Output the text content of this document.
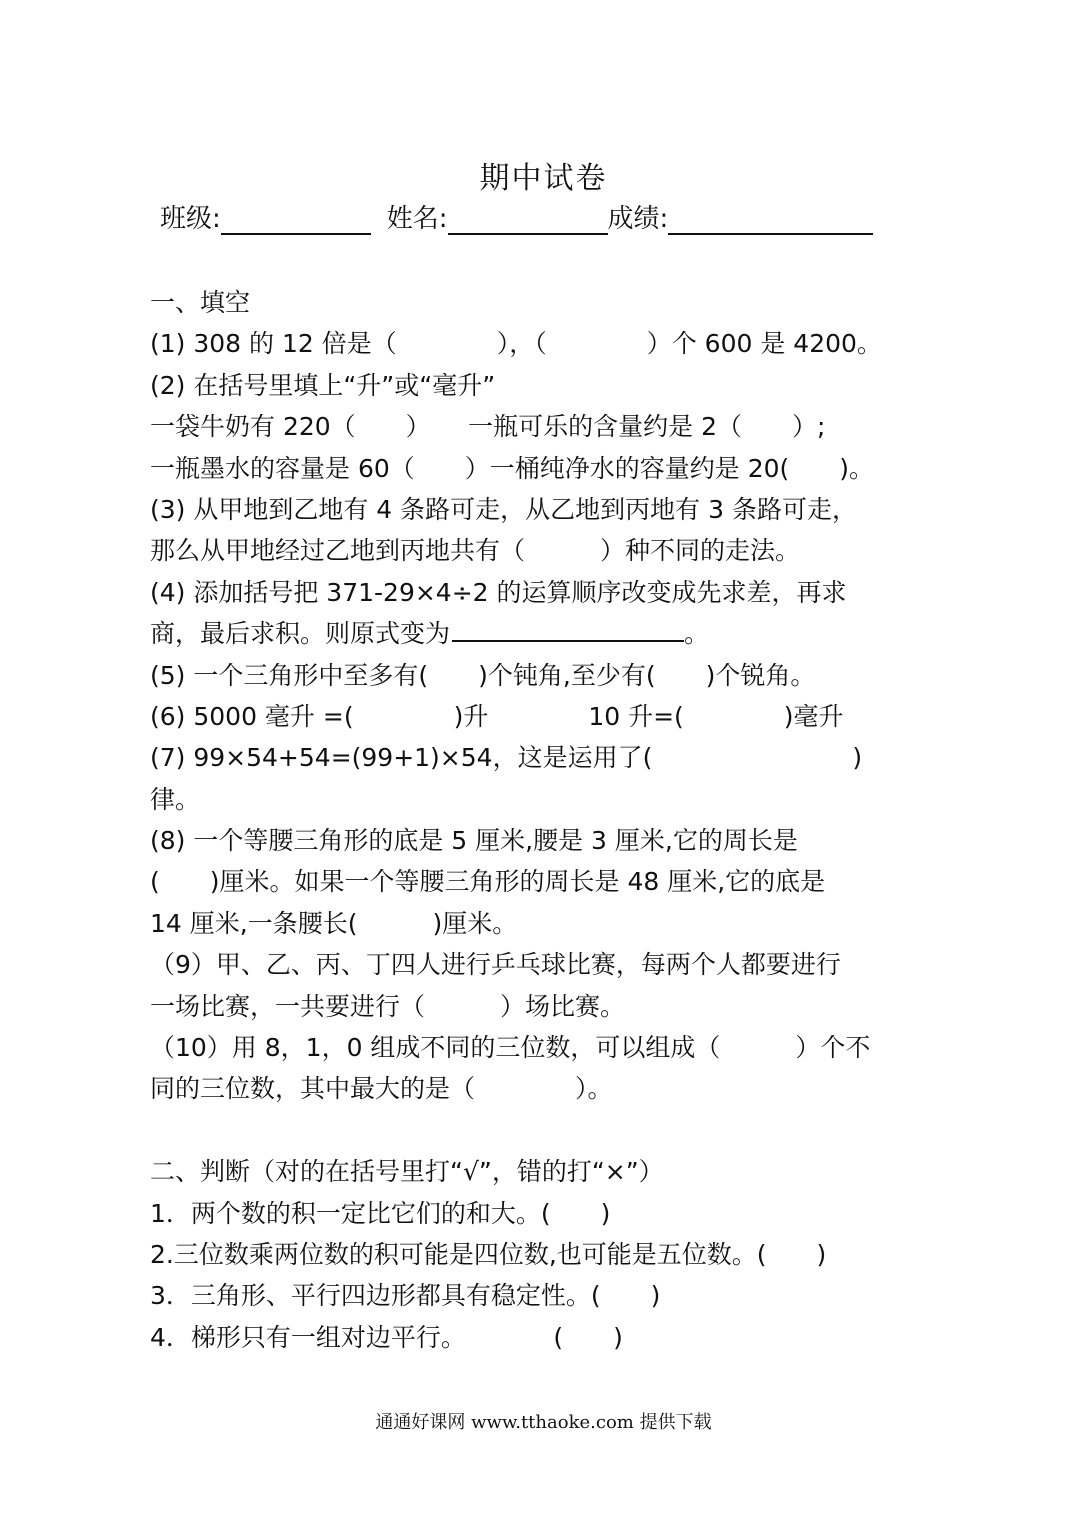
期中试卷
班级:	姓名:	成绩:
一、填空
(1) 308 的 12 倍是（　　　　），（　　　　）个 600 是 4200。
(2) 在括号里填上“升”或“毫升”
一袋牛奶有 220（　　）　　一瓶可乐的含量约是 2（　　）;
一瓶墨水的容量是 60（　　）一桶纯净水的容量约是 20(　　)。
(3) 从甲地到乙地有 4 条路可走，从乙地到丙地有 3 条路可走，
那么从甲地经过乙地到丙地共有（　　　）种不同的走法。
(4) 添加括号把 371-29×4÷2 的运算顺序改变成先求差，再求
商，最后求积。则原式变为	。
(5) 一个三角形中至多有(　　)个钝角,至少有(　　)个锐角。
(6) 5000 毫升 =(　　　　)升　　　　10 升=(　　　　)毫升
(7) 99×54+54=(99+1)×54，这是运用了(　　　　　　　　)
律。
(8) 一个等腰三角形的底是 5 厘米,腰是 3 厘米,它的周长是
(　　)厘米。如果一个等腰三角形的周长是 48 厘米,它的底是
14 厘米,一条腰长(　　　)厘米。
（9）甲、乙、丙、丁四人进行乒乓球比赛，每两个人都要进行
一场比赛，一共要进行（　　　）场比赛。
（10）用 8，1，0 组成不同的三位数，可以组成（　　　）个不
同的三位数，其中最大的是（　　　　）。
二、判断（对的在括号里打“√”，错的打“×”）
1．两个数的积一定比它们的和大。(　　)
2.三位数乘两位数的积可能是四位数,也可能是五位数。(　　)
3．三角形、平行四边形都具有稳定性。(　　)
4．梯形只有一组对边平行。　　　　(　　)
通通好课网 www.tthaoke.com 提供下载
